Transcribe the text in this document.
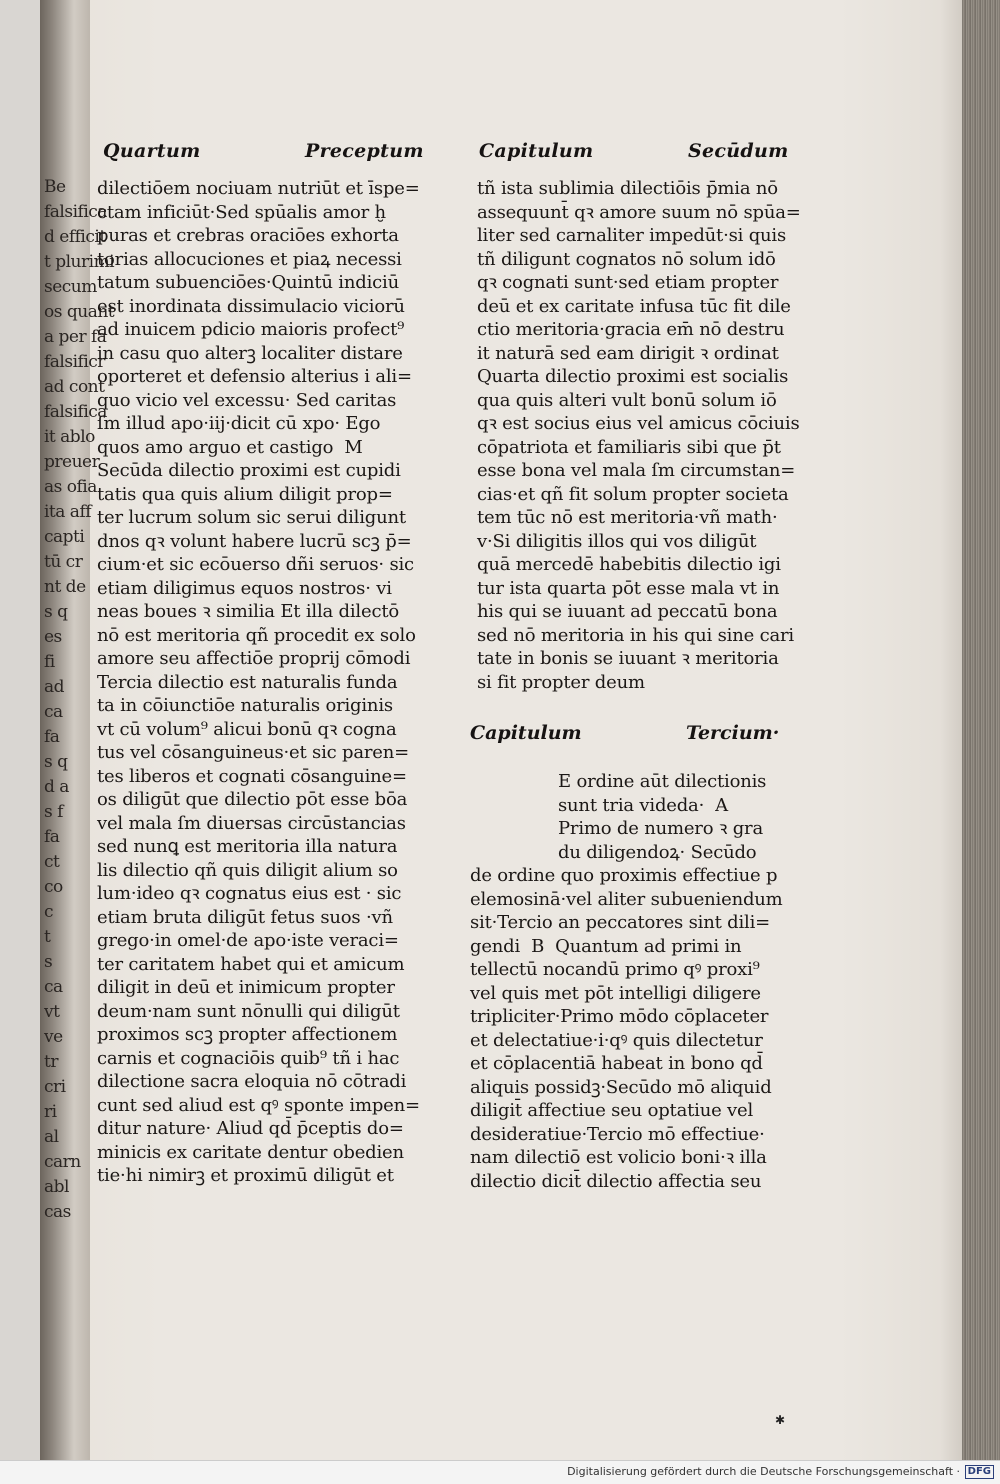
Be
falsifica
d efficit
t plurimi
secum
os quant
a per fa
falsificr
ad cont
falsifica
it ablo
preuer
as ofia
ita aff
capti
tū cr
nt de
s q
es
fi
ad
ca
fa
s q
d a
s f
fa
ct
co
c
t
s
ca
vt
ve
tr
cri
ri
al
carn
abl
cas
Quartum	Preceptum	Capitulum	Secūdum
dilectiōem nociuam nutriūt et īspe=
ctam inficiūt·Sed spūalis amor ḫ
puras et crebras oraciōes exhorta
torias allocuciones et piaꝝ necessi
tatum subuenciōes·Quintū indiciū
est inordinata dissimulacio viciorū
ad inuicem pdicio maioris profect⁹
in casu quo alterꝫ localiter distare
oporteret et defensio alterius i ali=
quo vicio vel excessu· Sed caritas
ſm illud apo·iij·dicit cū xpo· Ego
quos amo arguo et castigo  M
Secūda dilectio proximi est cupidi
tatis qua quis alium diligit prop=
ter lucrum solum sic serui diligunt
dnos qꝛ volunt habere lucrū scꝫ p̄=
cium·et sic ecōuerso dñi seruos· sic
etiam diligimus equos nostros· vi
neas boues ꝛ similia Et illa dilectō
nō est meritoria qñ procedit ex solo
amore seu affectiōe proprij cōmodi
Tercia dilectio est naturalis funda
ta in cōiunctiōe naturalis originis
vt cū volum⁹ alicui bonū qꝛ cogna
tus vel cōsanguineus·et sic paren=
tes liberos et cognati cōsanguine=
os diligūt que dilectio pōt esse bōa
vel mala ſm diuersas circūstancias
sed nunꝗ est meritoria illa natura
lis dilectio qñ quis diligit alium so
lum·ideo qꝛ cognatus eius est · sic
etiam bruta diligūt fetus suos ·vñ
grego·in omel·de apo·iste veraci=
ter caritatem habet qui et amicum
diligit in deū et inimicum propter
deum·nam sunt nōnulli qui diligūt
proximos scꝫ propter affectionem
carnis et cognaciōis quib⁹ tñ i hac
dilectione sacra eloquia nō cōtradi
cunt sed aliud est qꝰ sponte impen=
ditur nature· Aliud qd̄ p̄ceptis do=
minicis ex caritate dentur obedien
tie·hi nimirꝫ et proximū diligūt et
tñ ista sublimia dilectiōis p̄mia nō
assequunt̄ qꝛ amore suum nō spūa=
liter sed carnaliter impedūt·si quis
tñ diligunt cognatos nō solum idō
qꝛ cognati sunt·sed etiam propter
deū et ex caritate infusa tūc fit dile
ctio meritoria·gracia em̄ nō destru
it naturā sed eam dirigit ꝛ ordinat
Quarta dilectio proximi est socialis
qua quis alteri vult bonū solum iō
qꝛ est socius eius vel amicus cōciuis
cōpatriota et familiaris sibi que p̄t
esse bona vel mala ſm circumstan=
cias·et qñ fit solum propter societa
tem tūc nō est meritoria·vñ math·
v·Si diligitis illos qui vos diligūt
quā mercedē habebitis dilectio igi
tur ista quarta pōt esse mala vt in
his qui se iuuant ad peccatū bona
sed nō meritoria in his qui sine cari
tate in bonis se iuuant ꝛ meritoria
si fit propter deum
Capitulum	Tercium·
E ordine aūt dilectionis
sunt tria videda·  A
Primo de numero ꝛ gra
du diligendoꝝ· Secūdo
de ordine quo proximis effectiue p
elemosinā·vel aliter subueniendum
sit·Tercio an peccatores sint dili=
gendi  B  Quantum ad primi in
tellectū nocandū primo qꝰ proxi⁹
vel quis met pōt intelligi diligere
tripliciter·Primo mōdo cōplaceter
et delectatiue·i·qꝰ quis dilectetur
et cōplacentiā habeat in bono qd̄
aliquis possidꝫ·Secūdo mō aliquid
diligit̄ affectiue seu optatiue vel
desideratiue·Tercio mō effectiue·
nam dilectiō est volicio boni·ꝛ illa
dilectio dicit̄ dilectio affectia seu
✱
Digitalisierung gefördert durch die Deutsche Forschungsgemeinschaft · DFG
